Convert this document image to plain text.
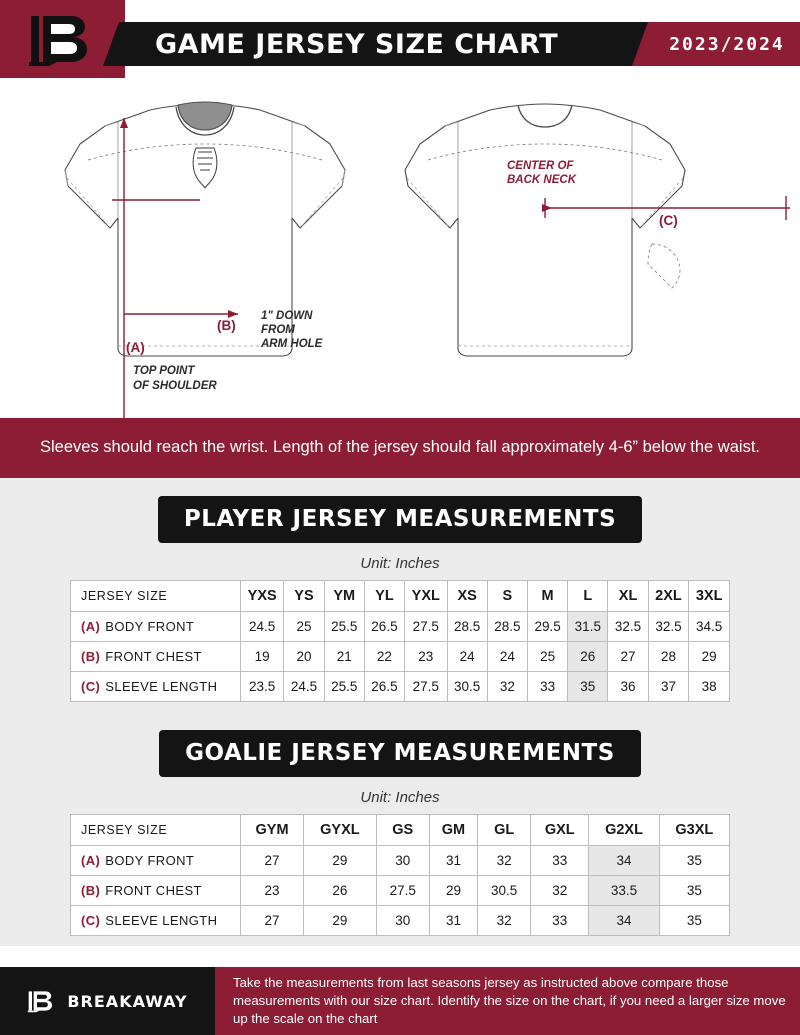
GAME JERSEY SIZE CHART	2023/2024
(A)
TOP POINT
OF SHOULDER
(B)
1" DOWN
FROM
ARM HOLE
(C)
CENTER OF
BACK NECK
Sleeves should reach the wrist. Length of the jersey should fall approximately 4-6” below the waist.
PLAYER JERSEY MEASUREMENTS
Unit: Inches
JERSEY SIZE	YXS	YS	YM	YL	YXL	XS	S	M	L	XL	2XL	3XL
(A) BODY FRONT	24.5	25	25.5	26.5	27.5	28.5	28.5	29.5	31.5	32.5	32.5	34.5
(B) FRONT CHEST	19	20	21	22	23	24	24	25	26	27	28	29
(C) SLEEVE LENGTH	23.5	24.5	25.5	26.5	27.5	30.5	32	33	35	36	37	38
GOALIE JERSEY MEASUREMENTS
Unit: Inches
JERSEY SIZE	GYM	GYXL	GS	GM	GL	GXL	G2XL	G3XL
(A) BODY FRONT	27	29	30	31	32	33	34	35
(B) FRONT CHEST	23	26	27.5	29	30.5	32	33.5	35
(C) SLEEVE LENGTH	27	29	30	31	32	33	34	35
BREAKAWAY
Take the measurements from last seasons jersey as instructed above compare those measurements with our size chart. Identify the size on the chart, if you need a larger size move up the scale on the chart
